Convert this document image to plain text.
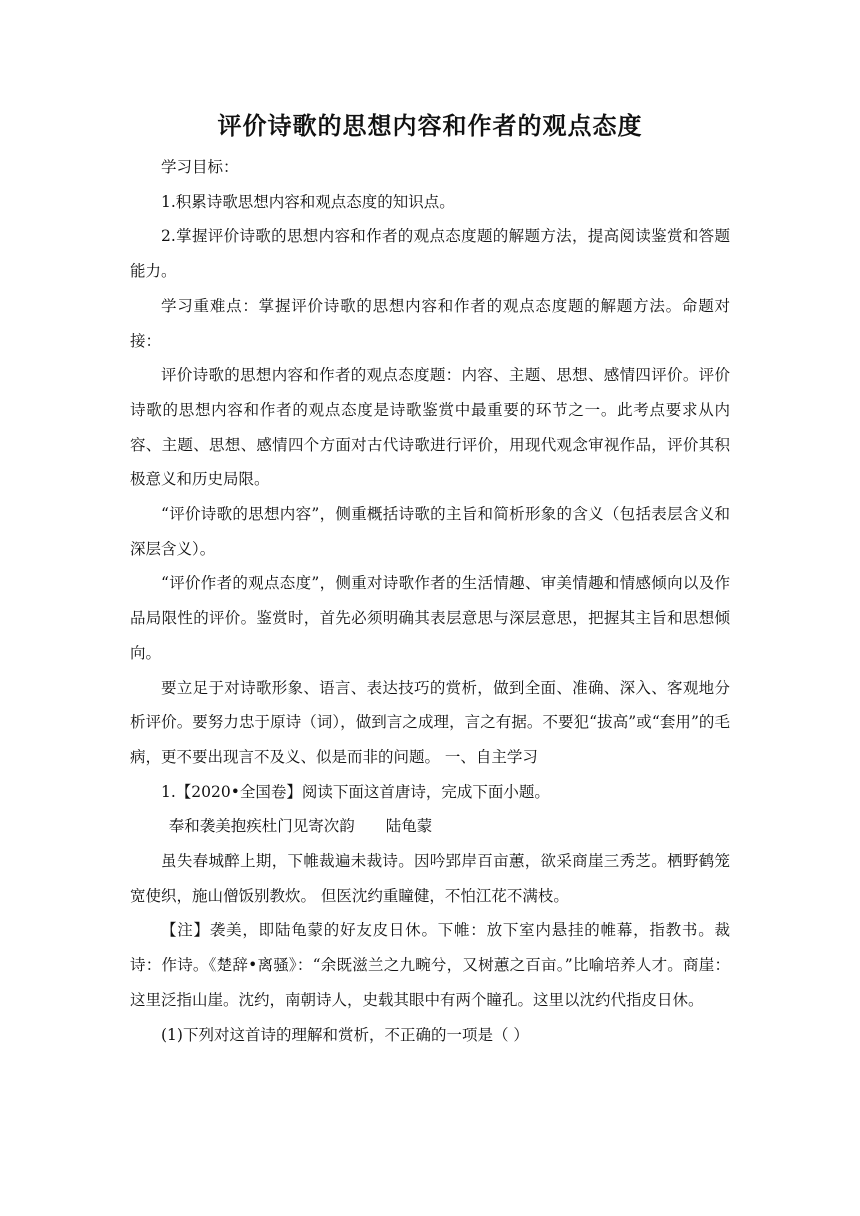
评价诗歌的思想内容和作者的观点态度

学习目标：

1.积累诗歌思想内容和观点态度的知识点。

2.掌握评价诗歌的思想内容和作者的观点态度题的解题方法，提高阅读鉴赏和答题能力。

学习重难点：掌握评价诗歌的思想内容和作者的观点态度题的解题方法。命题对接：

评价诗歌的思想内容和作者的观点态度题：内容、主题、思想、感情四评价。评价诗歌的思想内容和作者的观点态度是诗歌鉴赏中最重要的环节之一。此考点要求从内容、主题、思想、感情四个方面对古代诗歌进行评价，用现代观念审视作品，评价其积极意义和历史局限。

“评价诗歌的思想内容”，侧重概括诗歌的主旨和简析形象的含义（包括表层含义和深层含义）。

“评价作者的观点态度”，侧重对诗歌作者的生活情趣、审美情趣和情感倾向以及作品局限性的评价。鉴赏时，首先必须明确其表层意思与深层意思，把握其主旨和思想倾向。

要立足于对诗歌形象、语言、表达技巧的赏析，做到全面、准确、深入、客观地分析评价。要努力忠于原诗（词），做到言之成理，言之有据。不要犯“拔高”或“套用”的毛病，更不要出现言不及义、似是而非的问题。 一、自主学习

1.【2020•全国卷】阅读下面这首唐诗，完成下面小题。

奉和袭美抱疾杜门见寄次韵　　陆龟蒙

虽失春城醉上期，下帷裁遍未裁诗。因吟郢岸百亩蕙，欲采商崖三秀芝。栖野鹤笼宽使织，施山僧饭别教炊。 但医沈约重瞳健，不怕江花不满枝。

【注】袭美，即陆龟蒙的好友皮日休。下帷：放下室内悬挂的帷幕，指教书。裁诗：作诗。《楚辞•离骚》：“余既滋兰之九畹兮，又树蕙之百亩。”比喻培养人才。商崖：这里泛指山崖。沈约，南朝诗人，史载其眼中有两个瞳孔。这里以沈约代指皮日休。

(1)下列对这首诗的理解和赏析，不正确的一项是（ ）
